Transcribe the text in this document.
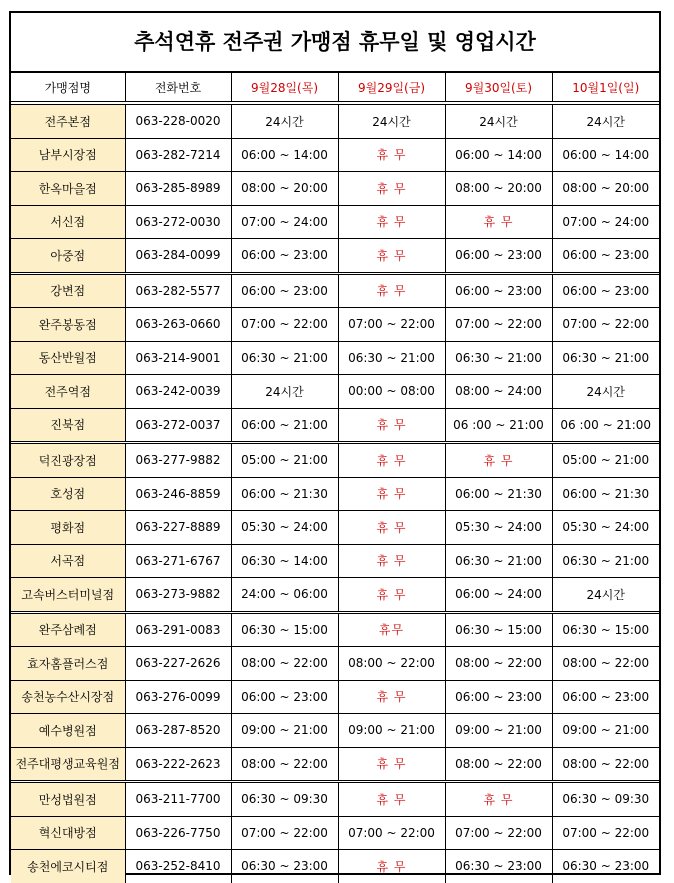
추석연휴 전주권 가맹점 휴무일 및 영업시간
가맹점명	전화번호	9월28일(목)	9월29일(금)	9월30일(토)	10월1일(일)
전주본점	063-228-0020	24시간	24시간	24시간	24시간
남부시장점	063-282-7214	06:00 ~ 14:00	휴 무	06:00 ~ 14:00	06:00 ~ 14:00
한옥마을점	063-285-8989	08:00 ~ 20:00	휴 무	08:00 ~ 20:00	08:00 ~ 20:00
서신점	063-272-0030	07:00 ~ 24:00	휴 무	휴 무	07:00 ~ 24:00
아중점	063-284-0099	06:00 ~ 23:00	휴 무	06:00 ~ 23:00	06:00 ~ 23:00
강변점	063-282-5577	06:00 ~ 23:00	휴 무	06:00 ~ 23:00	06:00 ~ 23:00
완주봉동점	063-263-0660	07:00 ~ 22:00	07:00 ~ 22:00	07:00 ~ 22:00	07:00 ~ 22:00
동산반월점	063-214-9001	06:30 ~ 21:00	06:30 ~ 21:00	06:30 ~ 21:00	06:30 ~ 21:00
전주역점	063-242-0039	24시간	00:00 ~ 08:00	08:00 ~ 24:00	24시간
진북점	063-272-0037	06:00 ~ 21:00	휴 무	06 :00 ~ 21:00	06 :00 ~ 21:00
덕진광장점	063-277-9882	05:00 ~ 21:00	휴 무	휴 무	05:00 ~ 21:00
호성점	063-246-8859	06:00 ~ 21:30	휴 무	06:00 ~ 21:30	06:00 ~ 21:30
평화점	063-227-8889	05:30 ~ 24:00	휴 무	05:30 ~ 24:00	05:30 ~ 24:00
서곡점	063-271-6767	06:30 ~ 14:00	휴 무	06:30 ~ 21:00	06:30 ~ 21:00
고속버스터미널점	063-273-9882	24:00 ~ 06:00	휴 무	06:00 ~ 24:00	24시간
완주삼례점	063-291-0083	06:30 ~ 15:00	휴무	06:30 ~ 15:00	06:30 ~ 15:00
효자홈플러스점	063-227-2626	08:00 ~ 22:00	08:00 ~ 22:00	08:00 ~ 22:00	08:00 ~ 22:00
송천농수산시장점	063-276-0099	06:00 ~ 23:00	휴 무	06:00 ~ 23:00	06:00 ~ 23:00
예수병원점	063-287-8520	09:00 ~ 21:00	09:00 ~ 21:00	09:00 ~ 21:00	09:00 ~ 21:00
전주대평생교육원점	063-222-2623	08:00 ~ 22:00	휴 무	08:00 ~ 22:00	08:00 ~ 22:00
만성법원점	063-211-7700	06:30 ~ 09:30	휴 무	휴 무	06:30 ~ 09:30
혁신대방점	063-226-7750	07:00 ~ 22:00	07:00 ~ 22:00	07:00 ~ 22:00	07:00 ~ 22:00
송천에코시티점	063-252-8410	06:30 ~ 23:00	휴 무	06:30 ~ 23:00	06:30 ~ 23:00
